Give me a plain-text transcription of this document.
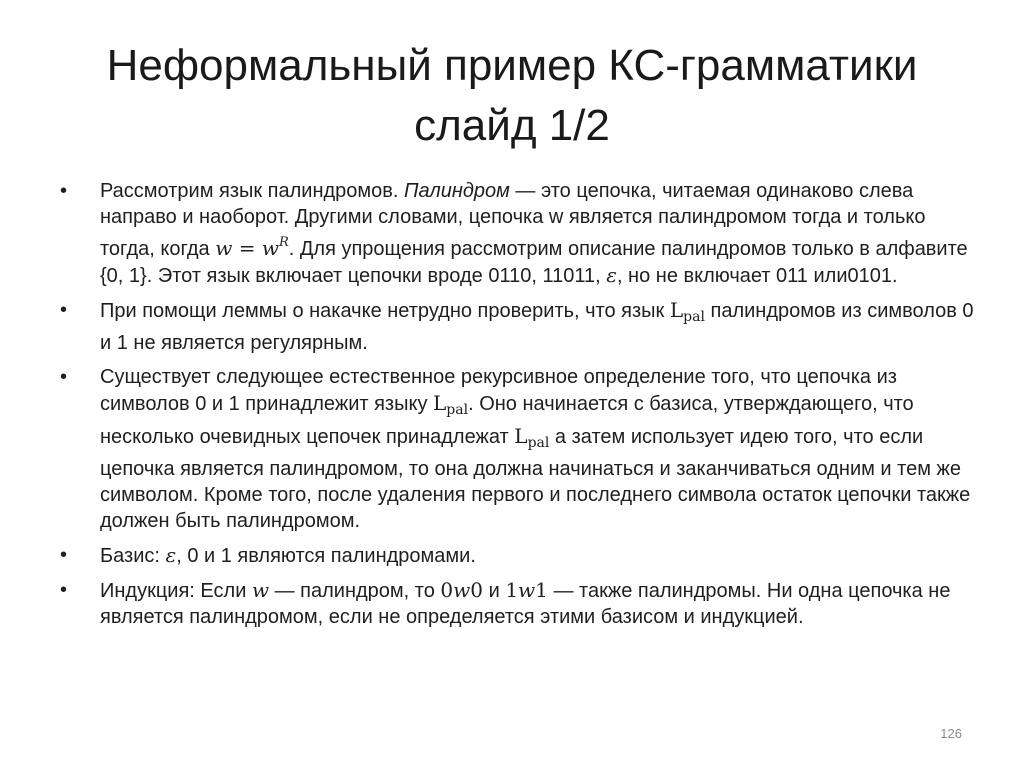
Неформальный пример КС-грамматики слайд 1/2
•	Рассмотрим язык палиндромов. Палиндром — это цепочка, читаемая одинаково слева направо и наоборот. Другими словами, цепочка w является палиндромом тогда и только тогда, когда $w = w^R$. Для упрощения рассмотрим описание палиндромов только в алфавите {0, 1}. Этот язык включает цепочки вроде 0110, 11011, ε, но не включает 011 или0101.
•	При помощи леммы о накачке нетрудно проверить, что язык $L_{pal}$ палиндромов из символов 0 и 1 не является регулярным.
•	Существует следующее естественное рекурсивное определение того, что цепочка из символов 0 и 1 принадлежит языку $L_{pal}$. Оно начинается с базиса, утверждающего, что несколько очевидных цепочек принадлежат $L_{pal}$ а затем использует идею того, что если цепочка является палиндромом, то она должна начинаться и заканчиваться одним и тем же символом. Кроме того, после удаления первого и последнего символа остаток цепочки также должен быть палиндромом.
•	Базис: ε, 0 и 1 являются палиндромами.
•	Индукция: Если w — палиндром, то 0w0 и 1w1 — также палиндромы. Ни одна цепочка не является палиндромом, если не определяется этими базисом и индукцией.
126
